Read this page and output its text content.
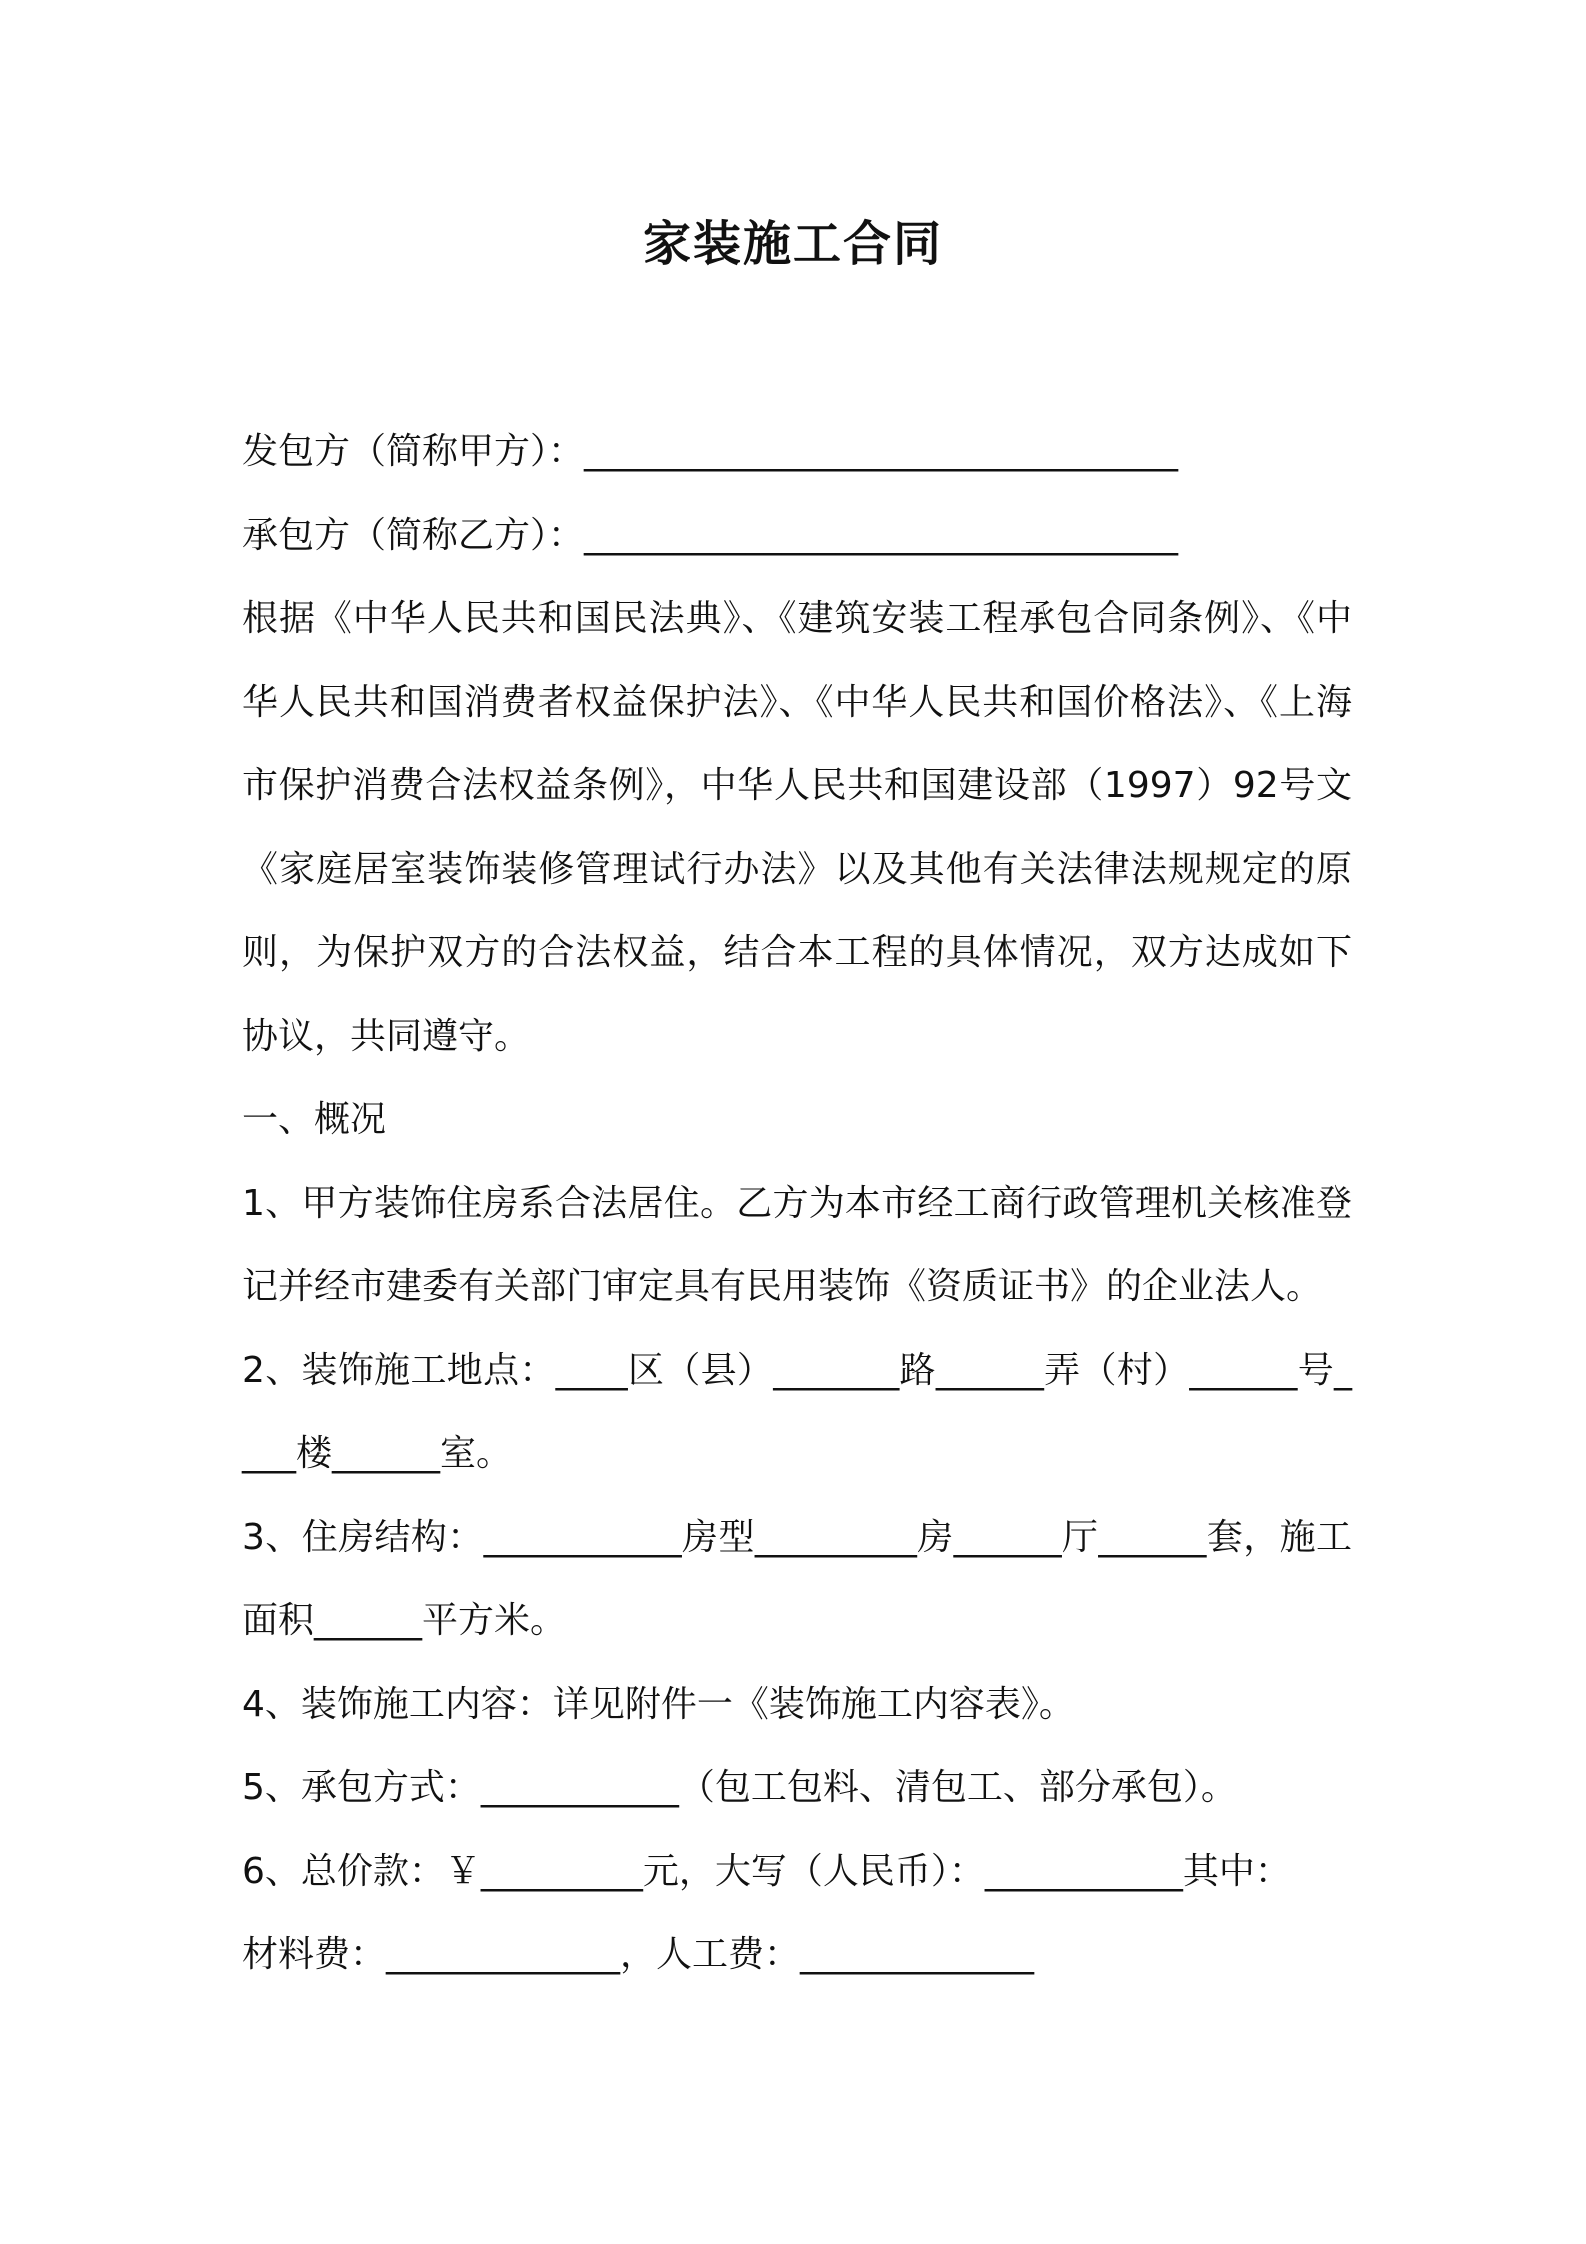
家装施工合同

发包方（简称甲方）：_________________________________

承包方（简称乙方）：_________________________________

根据《中华人民共和国民法典》、《建筑安装工程承包合同条例》、《中华人民共和国消费者权益保护法》、《中华人民共和国价格法》、《上海市保护消费合法权益条例》，中华人民共和国建设部（1997）92号文《家庭居室装饰装修管理试行办法》以及其他有关法律法规规定的原则，为保护双方的合法权益，结合本工程的具体情况，双方达成如下协议，共同遵守。

一、概况

1、甲方装饰住房系合法居住。乙方为本市经工商行政管理机关核准登记并经市建委有关部门审定具有民用装饰《资质证书》的企业法人。

2、装饰施工地点：____区（县）_______路______弄（村）______号____楼______室。

3、住房结构：___________房型_________房______厅______套，施工面积______平方米。

4、装饰施工内容：详见附件一《装饰施工内容表》。

5、承包方式：___________（包工包料、清包工、部分承包）。

6、总价款：￥_________元，大写（人民币）：___________其中：

材料费：_____________，人工费：_____________
